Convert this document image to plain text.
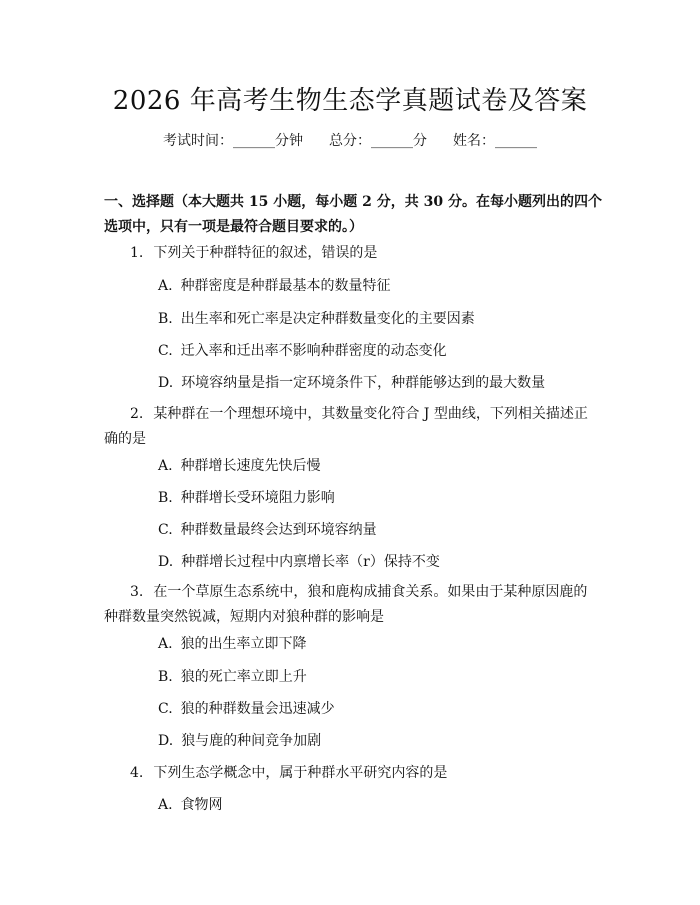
2026 年高考生物生态学真题试卷及答案
考试时间：______分钟 总分：______分 姓名：______
一、选择题（本大题共 15 小题，每小题 2 分，共 30 分。在每小题列出的四个选项中，只有一项是最符合题目要求的。）
1. 下列关于种群特征的叙述，错误的是
A. 种群密度是种群最基本的数量特征
B. 出生率和死亡率是决定种群数量变化的主要因素
C. 迁入率和迁出率不影响种群密度的动态变化
D. 环境容纳量是指一定环境条件下，种群能够达到的最大数量
2. 某种群在一个理想环境中，其数量变化符合 J 型曲线，下列相关描述正确的是
A. 种群增长速度先快后慢
B. 种群增长受环境阻力影响
C. 种群数量最终会达到环境容纳量
D. 种群增长过程中内禀增长率（r）保持不变
3. 在一个草原生态系统中，狼和鹿构成捕食关系。如果由于某种原因鹿的种群数量突然锐减，短期内对狼种群的影响是
A. 狼的出生率立即下降
B. 狼的死亡率立即上升
C. 狼的种群数量会迅速减少
D. 狼与鹿的种间竞争加剧
4. 下列生态学概念中，属于种群水平研究内容的是
A. 食物网
